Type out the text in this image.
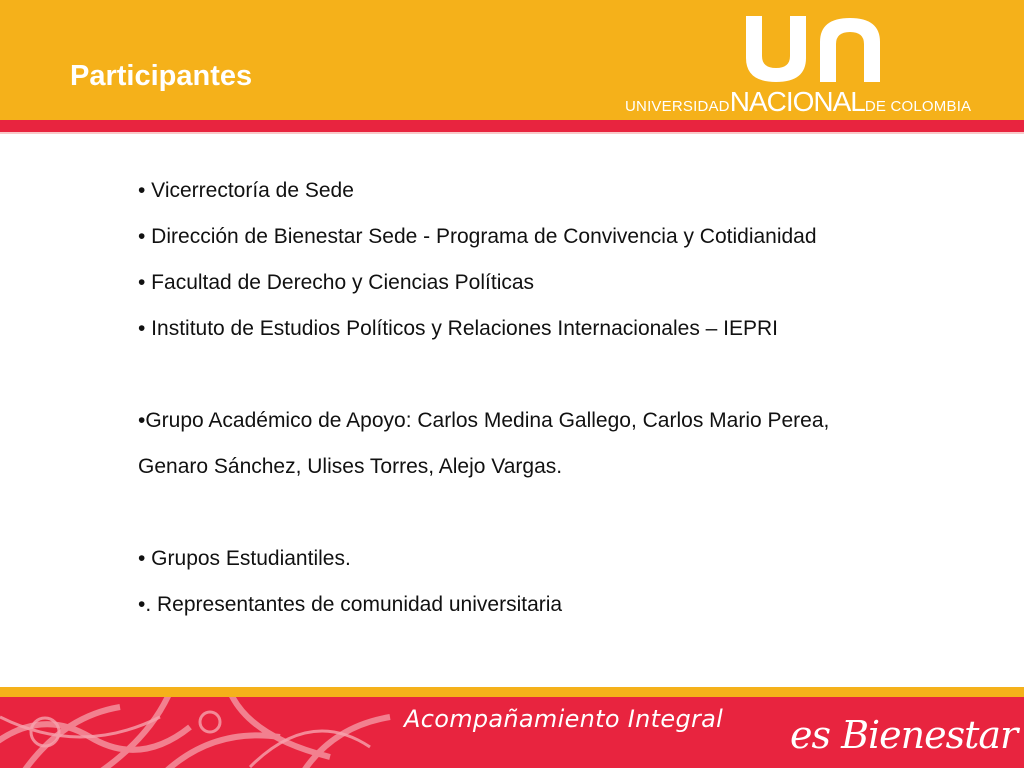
Participantes
UNIVERSIDADNACIONALDE COLOMBIA

• Vicerrectoría de Sede

• Dirección de Bienestar Sede - Programa de Convivencia y Cotidianidad

• Facultad de Derecho y Ciencias Políticas

• Instituto de Estudios Políticos y Relaciones Internacionales – IEPRI

•Grupo Académico de Apoyo: Carlos Medina Gallego, Carlos Mario Perea,

Genaro Sánchez, Ulises Torres, Alejo Vargas.

• Grupos Estudiantiles.

•. Representantes de comunidad universitaria

Acompañamiento Integral es Bienestar
